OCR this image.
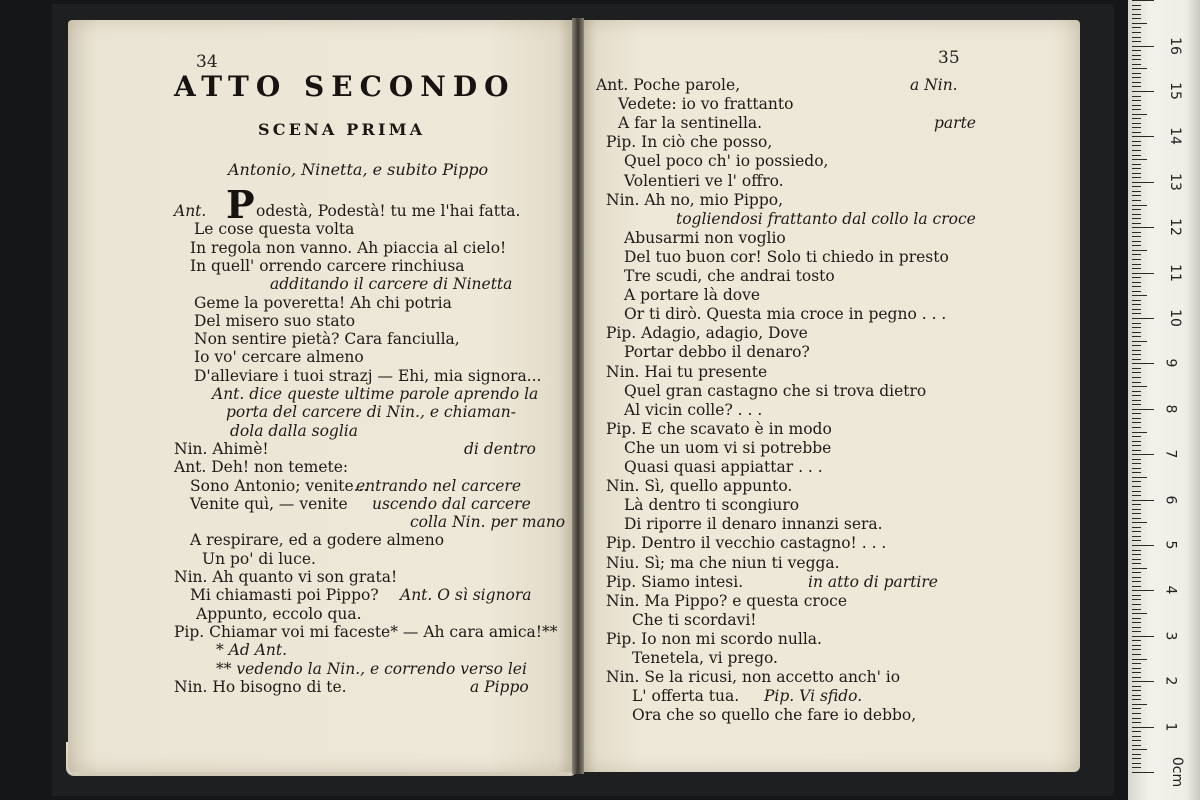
34
ATTO SECONDO
SCENA PRIMA
Antonio, Ninetta, e subito Pippo
P
Ant.	odestà, Podestà! tu me l'hai fatta.
Le cose questa volta
In regola non vanno. Ah piaccia al cielo!
In quell' orrendo carcere rinchiusa
additando il carcere di Ninetta
Geme la poveretta! Ah chi potria
Del misero suo stato
Non sentire pietà? Cara fanciulla,
Io vo' cercare almeno
D'alleviare i tuoi strazj — Ehi, mia signora...
Ant. dice queste ultime parole aprendo la
porta del carcere di Nin., e chiaman-
dola dalla soglia
Nin. Ahimè!	di dentro
Ant. Deh! non temete:
Sono Antonio; venite...
entrando nel carcere
Venite quì, — venite uscendo dal carcere
colla Nin. per mano
A respirare, ed a godere almeno
Un po' di luce.
Nin. Ah quanto vi son grata!
Mi chiamasti poi Pippo? Ant. O sì signora
Appunto, eccolo qua.
Pip. Chiamar voi mi faceste* — Ah cara amica!**
* Ad Ant.
** vedendo la Nin., e correndo verso lei
Nin. Ho bisogno di te.	a Pippo
35
Ant. Poche parole,	a Nin.
Vedete: io vo frattanto
A far la sentinella.	parte
Pip. In ciò che posso,
Quel poco ch' io possiedo,
Volentieri ve l' offro.
Nin. Ah no, mio Pippo,
togliendosi frattanto dal collo la croce
Abusarmi non voglio
Del tuo buon cor! Solo ti chiedo in presto
Tre scudi, che andrai tosto
A portare là dove
Or ti dirò. Questa mia croce in pegno . . .
Pip. Adagio, adagio, Dove
Portar debbo il denaro?
Nin. Hai tu presente
Quel gran castagno che si trova dietro
Al vicin colle? . . .
Pip. E che scavato è in modo
Che un uom vi si potrebbe
Quasi quasi appiattar . . .
Nin. Sì, quello appunto.
Là dentro ti scongiuro
Di riporre il denaro innanzi sera.
Pip. Dentro il vecchio castagno! . . .
Niu. Sì; ma che niun ti vegga.
Pip. Siamo intesi.	in atto di partire
Nin. Ma Pippo? e questa croce
Che ti scordavi!
Pip. Io non mi scordo nulla.
Tenetela, vi prego.
Nin. Se la ricusi, non accetto anch' io
L' offerta tua. Pip. Vi sfido.
Ora che so quello che fare io debbo,
0cm
1
2
3
4
5
6
7
8
9
10
11
12
13
14
15
16
